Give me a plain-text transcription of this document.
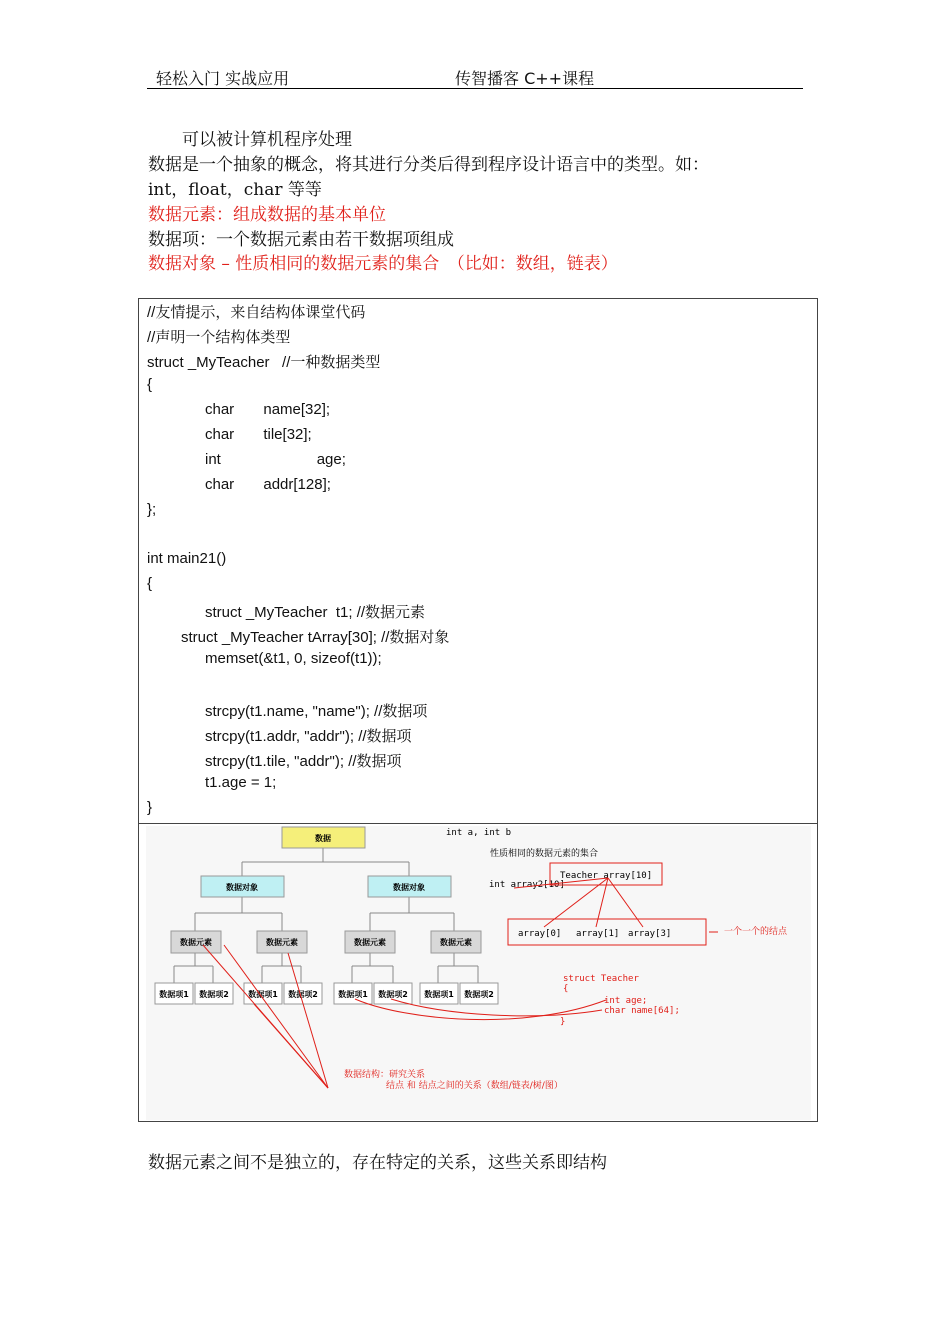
轻松入门 实战应用	传智播客 C++课程
可以被计算机程序处理
数据是一个抽象的概念，将其进行分类后得到程序设计语言中的类型。如：
int，float，char 等等
数据元素：组成数据的基本单位
数据项：一个数据元素由若干数据项组成
数据对象 – 性质相同的数据元素的集合　（比如：数组，链表）
//友情提示，来自结构体课堂代码
//声明一个结构体类型
struct _MyTeacher   //一种数据类型
{
char       name[32];
char       tile[32];
int                       age;
char       addr[128];
};
int main21()
{
struct _MyTeacher  t1; //数据元素
struct _MyTeacher tArray[30]; //数据对象
memset(&t1, 0, sizeof(t1));
strcpy(t1.name, "name"); //数据项
strcpy(t1.addr, "addr"); //数据项
strcpy(t1.tile, "addr"); //数据项
t1.age = 1;
}
数据
数据对象	数据对象
数据元素	数据元素	数据元素	数据元素
数据项1 数据项2 数据项1 数据项2	数据项1 数据项2 数据项1 数据项2
int a, int b
性质相同的数据元素的集合
int array2[10]
Teacher array[10]
array[0] array[1] array[3]	一个一个的结点
struct Teacher
{
int age;
char name[64];
}
数据结构：研究关系
结点 和 结点之间的关系（数组/链表/树/图）
数据元素之间不是独立的，存在特定的关系，这些关系即结构
